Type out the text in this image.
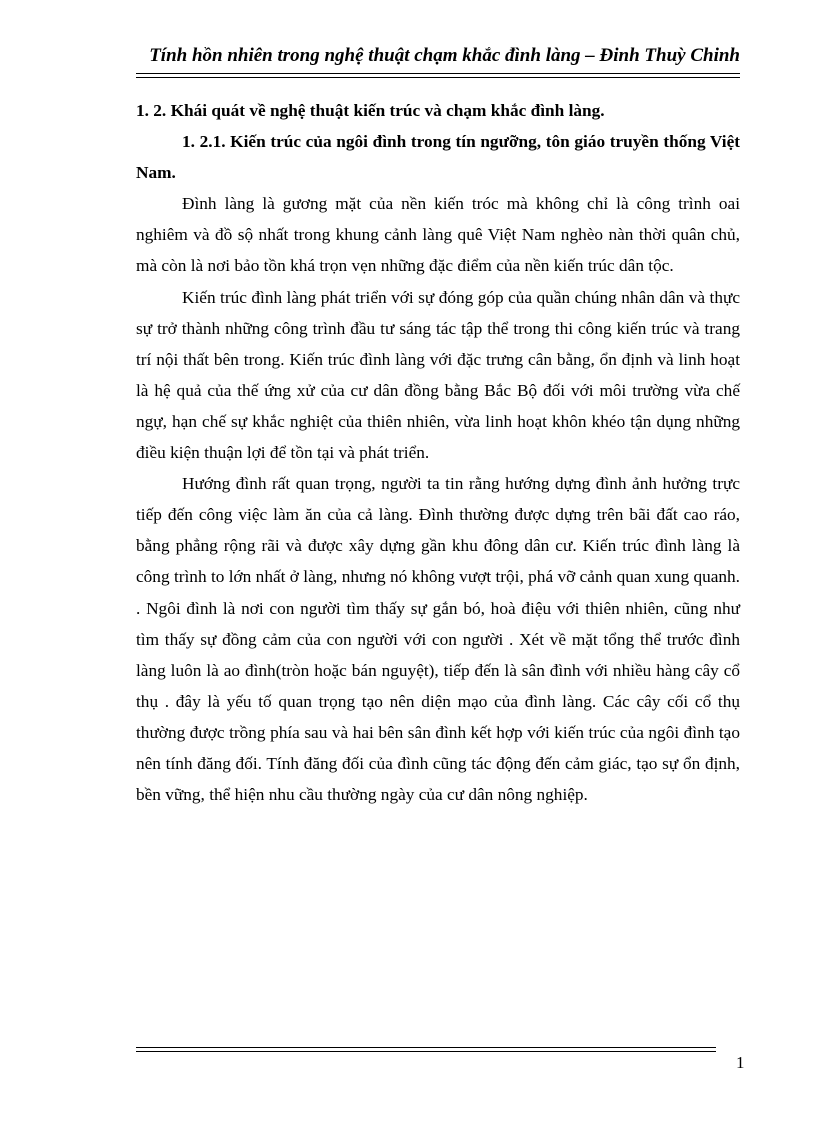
Tính hồn nhiên trong nghệ thuật chạm khắc đình làng – Đinh Thuỳ Chinh

1. 2. Khái quát về nghệ thuật kiến trúc và chạm khắc đình làng.

1. 2.1. Kiến trúc của ngôi đình trong tín ngưỡng, tôn giáo truyền thống Việt Nam.

Đình làng là gương mặt của nền kiến tróc mà không chỉ là công trình oai nghiêm và đồ sộ nhất trong khung cảnh làng quê Việt Nam nghèo nàn thời quân chủ, mà còn là nơi bảo tồn khá trọn vẹn những đặc điểm của nền kiến trúc dân tộc.

Kiến trúc đình làng phát triển với sự đóng góp của quần chúng nhân dân và thực sự trở thành những công trình đầu tư sáng tác tập thể trong thi công kiến trúc và trang trí nội thất bên trong. Kiến trúc đình làng với đặc trưng cân bằng, ổn định và linh hoạt là hệ quả của thế ứng xử của cư dân đồng bằng Bắc Bộ đối với môi trường vừa chế ngự, hạn chế sự khắc nghiệt của thiên nhiên, vừa linh hoạt khôn khéo tận dụng những điều kiện thuận lợi để tồn tại và phát triển.

Hướng đình rất quan trọng, người ta tin rằng hướng dựng đình ảnh hưởng trực tiếp đến công việc làm ăn của cả làng. Đình thường được dựng trên bãi đất cao ráo, bằng phẳng rộng rãi và được xây dựng gần khu đông dân cư. Kiến trúc đình làng là công trình to lớn nhất ở làng, nhưng nó không vượt trội, phá vỡ cảnh quan xung quanh. . Ngôi đình là nơi con người tìm thấy sự gắn bó, hoà điệu với thiên nhiên, cũng như tìm thấy sự đồng cảm của con người với con người . Xét về mặt tổng thể trước đình làng luôn là ao đình(tròn hoặc bán nguyệt), tiếp đến là sân đình với nhiều hàng cây cổ thụ . đây là yếu tố quan trọng tạo nên diện mạo của đình làng. Các cây cối cổ thụ thường được trồng phía sau và hai bên sân đình kết hợp với kiến trúc của ngôi đình tạo nên tính đăng đối. Tính đăng đối của đình cũng tác động đến cảm giác, tạo sự ổn định, bền vững, thể hiện nhu cầu thường ngày của cư dân nông nghiệp.

1
